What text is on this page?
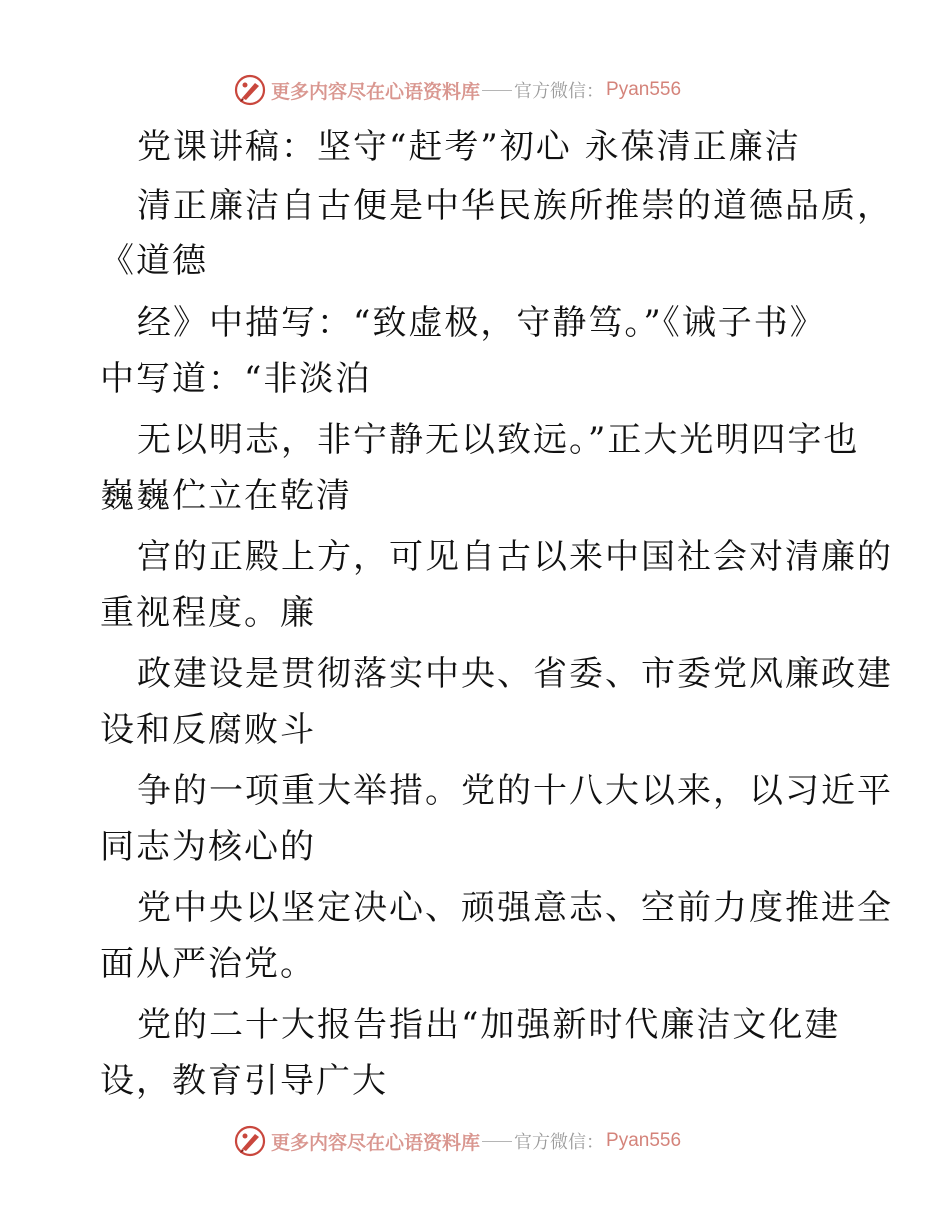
更多内容尽在心语资料库 官方微信： Pyan556
党课讲稿：坚守“赶考”初心 永葆清正廉洁
清正廉洁自古便是中华民族所推崇的道德品质，
《道德
经》中描写：“致虚极，守静笃。”《诫子书》
中写道：“非淡泊
无以明志，非宁静无以致远。”正大光明四字也
巍巍伫立在乾清
宫的正殿上方，可见自古以来中国社会对清廉的
重视程度。廉
政建设是贯彻落实中央、省委、市委党风廉政建
设和反腐败斗
争的一项重大举措。党的十八大以来，以习近平
同志为核心的
党中央以坚定决心、顽强意志、空前力度推进全
面从严治党。
党的二十大报告指出“加强新时代廉洁文化建
设，教育引导广大
更多内容尽在心语资料库 官方微信： Pyan556
